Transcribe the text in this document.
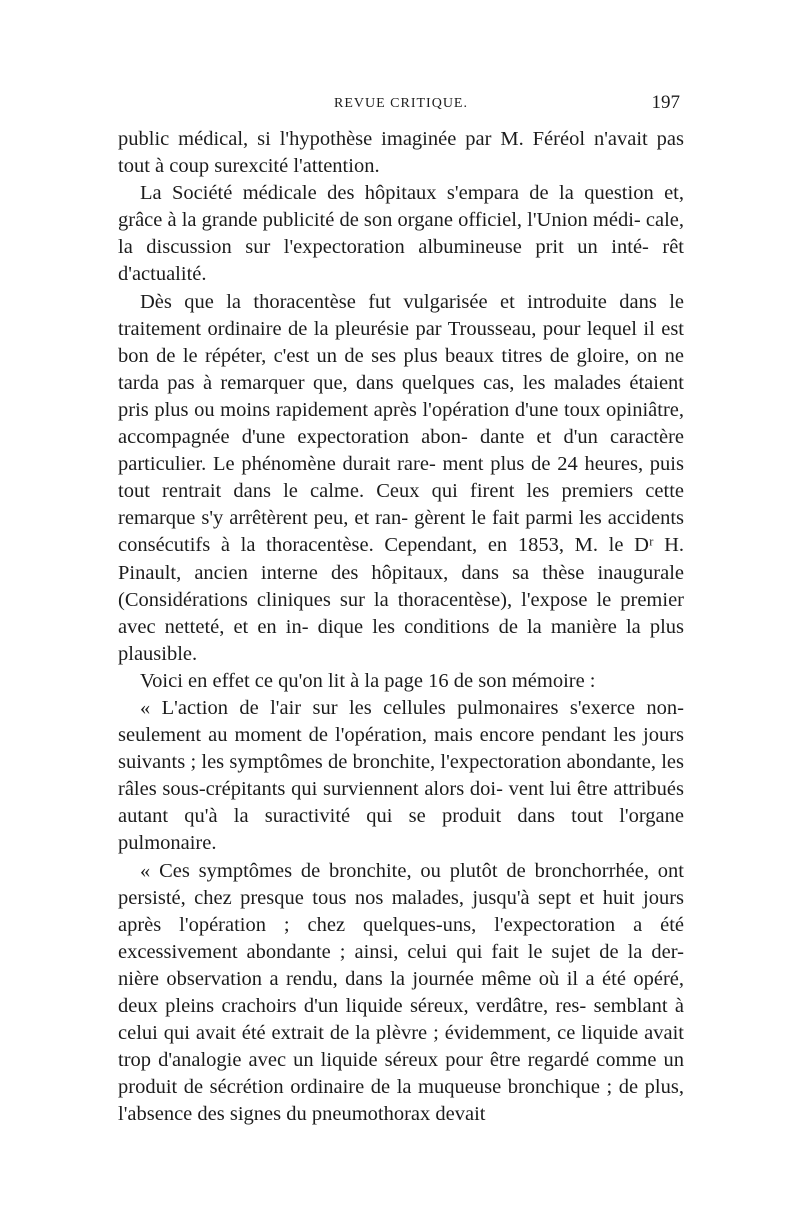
REVUE CRITIQUE.	197

public médical, si l'hypothèse imaginée par M. Féréol n'avait pas tout à coup surexcité l'attention.

La Société médicale des hôpitaux s'empara de la question et, grâce à la grande publicité de son organe officiel, l'Union médi- cale, la discussion sur l'expectoration albumineuse prit un inté- rêt d'actualité.

Dès que la thoracentèse fut vulgarisée et introduite dans le traitement ordinaire de la pleurésie par Trousseau, pour lequel il est bon de le répéter, c'est un de ses plus beaux titres de gloire, on ne tarda pas à remarquer que, dans quelques cas, les malades étaient pris plus ou moins rapidement après l'opération d'une toux opiniâtre, accompagnée d'une expectoration abon- dante et d'un caractère particulier. Le phénomène durait rare- ment plus de 24 heures, puis tout rentrait dans le calme. Ceux qui firent les premiers cette remarque s'y arrêtèrent peu, et ran- gèrent le fait parmi les accidents consécutifs à la thoracentèse. Cependant, en 1853, M. le Dʳ H. Pinault, ancien interne des hôpitaux, dans sa thèse inaugurale (Considérations cliniques sur la thoracentèse), l'expose le premier avec netteté, et en in- dique les conditions de la manière la plus plausible.

Voici en effet ce qu'on lit à la page 16 de son mémoire :

« L'action de l'air sur les cellules pulmonaires s'exerce non- seulement au moment de l'opération, mais encore pendant les jours suivants ; les symptômes de bronchite, l'expectoration abondante, les râles sous-crépitants qui surviennent alors doi- vent lui être attribués autant qu'à la suractivité qui se produit dans tout l'organe pulmonaire.

« Ces symptômes de bronchite, ou plutôt de bronchorrhée, ont persisté, chez presque tous nos malades, jusqu'à sept et huit jours après l'opération ; chez quelques-uns, l'expectoration a été excessivement abondante ; ainsi, celui qui fait le sujet de la der- nière observation a rendu, dans la journée même où il a été opéré, deux pleins crachoirs d'un liquide séreux, verdâtre, res- semblant à celui qui avait été extrait de la plèvre ; évidemment, ce liquide avait trop d'analogie avec un liquide séreux pour être regardé comme un produit de sécrétion ordinaire de la muqueuse bronchique ; de plus, l'absence des signes du pneumothorax devait
